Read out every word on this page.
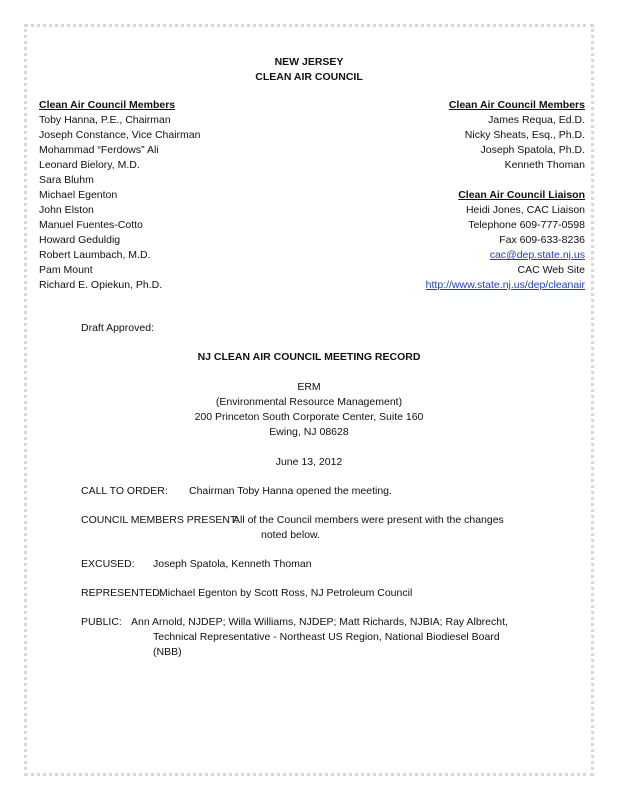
NEW JERSEY
CLEAN AIR COUNCIL
Clean Air Council Members
Toby Hanna, P.E., Chairman
Joseph Constance, Vice Chairman
Mohammad “Ferdows” Ali
Leonard Bielory, M.D.
Sara Bluhm
Michael Egenton
John Elston
Manuel Fuentes-Cotto
Howard Geduldig
Robert Laumbach, M.D.
Pam Mount
Richard E. Opiekun, Ph.D.
Clean Air Council Members
James Requa, Ed.D.
Nicky Sheats, Esq., Ph.D.
Joseph Spatola, Ph.D.
Kenneth Thoman
Clean Air Council Liaison
Heidi Jones, CAC Liaison
Telephone 609-777-0598
Fax 609-633-8236
cac@dep.state.nj.us
CAC Web Site
http://www.state.nj.us/dep/cleanair
Draft Approved:
NJ CLEAN AIR COUNCIL MEETING RECORD
ERM
(Environmental Resource Management)
200 Princeton South Corporate Center, Suite 160
Ewing, NJ 08628
June 13, 2012
CALL TO ORDER: Chairman Toby Hanna opened the meeting.
COUNCIL MEMBERS PRESENT:
All of the Council members were present with the changes
noted below.
EXCUSED: Joseph Spatola, Kenneth Thoman
REPRESENTED:
Michael Egenton by Scott Ross, NJ Petroleum Council
PUBLIC: Ann Arnold, NJDEP; Willa Williams, NJDEP; Matt Richards, NJBIA; Ray Albrecht,
Technical Representative - Northeast US Region, National Biodiesel Board
(NBB)
